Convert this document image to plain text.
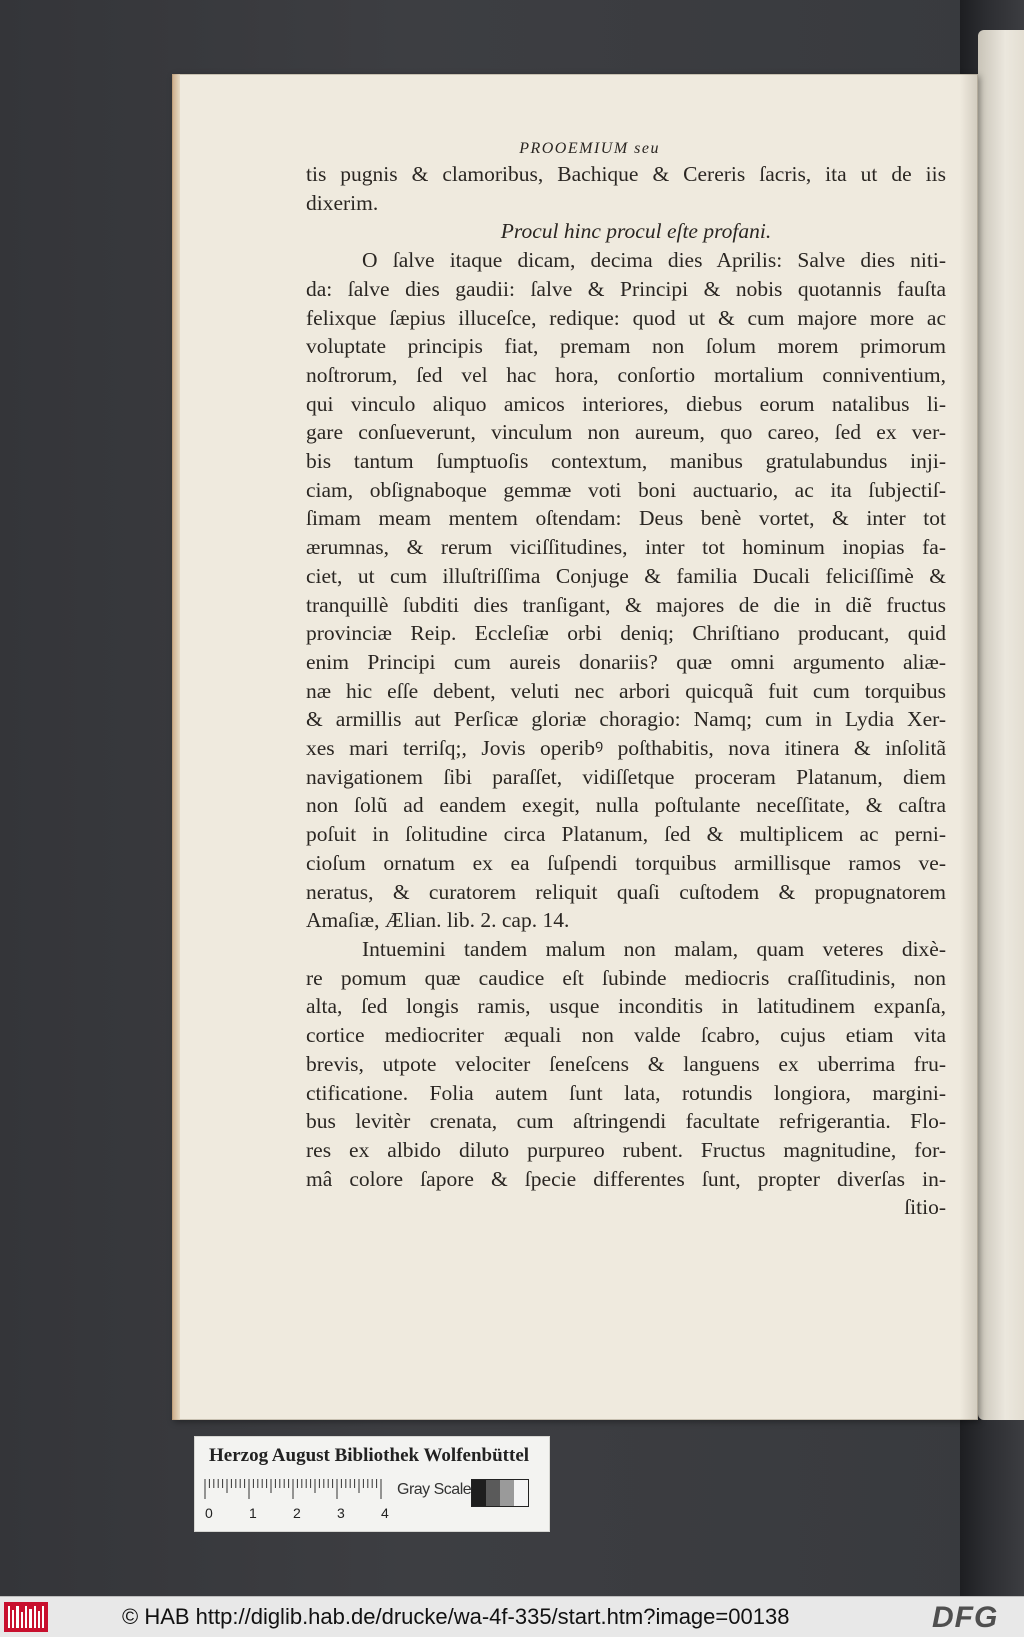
PROOEMIUM seu
tis pugnis & clamoribus, Bachique & Cereris ſacris, ita ut de iis
dixerim.
Procul hinc procul eſte profani.
O ſalve itaque dicam, decima dies Aprilis: Salve dies niti-
da: ſalve dies gaudii: ſalve & Principi & nobis quotannis fauſta
felixque ſæpius illuceſce, redique: quod ut & cum majore more ac
voluptate principis fiat, premam non ſolum morem primorum
noſtrorum, ſed vel hac hora, conſortio mortalium conniventium,
qui vinculo aliquo amicos interiores, diebus eorum natalibus li-
gare conſueverunt, vinculum non aureum, quo careo, ſed ex ver-
bis tantum ſumptuoſis contextum, manibus gratulabundus inji-
ciam, obſignaboque gemmæ voti boni auctuario, ac ita ſubjectiſ-
ſimam meam mentem oſtendam: Deus benè vortet, & inter tot
ærumnas, & rerum viciſſitudines, inter tot hominum inopias fa-
ciet, ut cum illuſtriſſima Conjuge & familia Ducali feliciſſimè &
tranquillè ſubditi dies tranſigant, & majores de die in diẽ fructus
provinciæ Reip. Eccleſiæ orbi deniq; Chriſtiano producant, quid
enim Principi cum aureis donariis? quæ omni argumento aliæ-
næ hic eſſe debent, veluti nec arbori quicquã fuit cum torquibus
& armillis aut Perſicæ gloriæ choragio: Namq; cum in Lydia Xer-
xes mari terriſq;, Jovis operibꝰ poſthabitis, nova itinera & inſolitã
navigationem ſibi paraſſet, vidiſſetque proceram Platanum, diem
non ſolũ ad eandem exegit, nulla poſtulante neceſſitate, & caſtra
poſuit in ſolitudine circa Platanum, ſed & multiplicem ac perni-
cioſum ornatum ex ea ſuſpendi torquibus armillisque ramos ve-
neratus, & curatorem reliquit quaſi cuſtodem & propugnatorem
Amaſiæ, Ælian. lib. 2. cap. 14.
Intuemini tandem malum non malam, quam veteres dixè-
re pomum quæ caudice eſt ſubinde mediocris craſſitudinis, non
alta, ſed longis ramis, usque inconditis in latitudinem expanſa,
cortice mediocriter æquali non valde ſcabro, cujus etiam vita
brevis, utpote velociter ſeneſcens & languens ex uberrima fru-
ctificatione. Folia autem ſunt lata, rotundis longiora, margini-
bus levitèr crenata, cum aſtringendi facultate refrigerantia. Flo-
res ex albido diluto purpureo rubent. Fructus magnitudine, for-
mâ colore ſapore & ſpecie differentes ſunt, propter diverſas in-
ſitio-
Herzog August Bibliothek Wolfenbüttel
0	1	2	3	4
Gray Scale
© HAB http://diglib.hab.de/drucke/wa-4f-335/start.htm?image=00138	DFG
